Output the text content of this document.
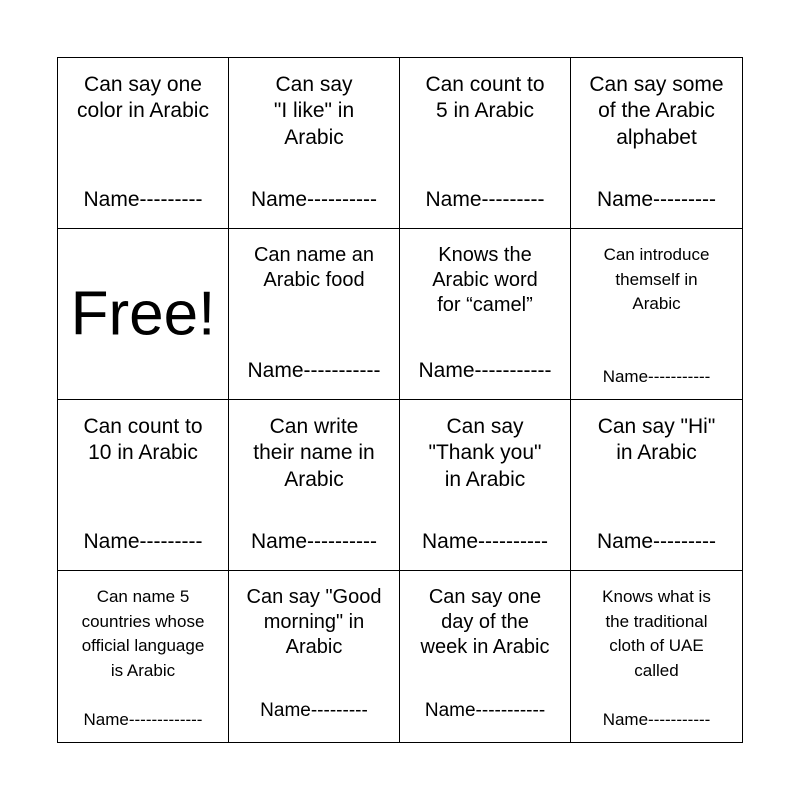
Can say one
color in Arabic
Name---------
Can say
"I like" in
Arabic
Name----------
Can count to
5 in Arabic
Name---------
Can say some
of the Arabic
alphabet
Name---------
Free!
Can name an
Arabic food
Name-----------
Knows the
Arabic word
for “camel”
Name-----------
Can introduce
themself in
Arabic
Name-----------
Can count to
10 in Arabic
Name---------
Can write
their name in
Arabic
Name----------
Can say
"Thank you"
in Arabic
Name----------
Can say "Hi"
in Arabic
Name---------
Can name 5
countries whose
official language
is Arabic
Name-------------
Can say "Good
morning" in
Arabic
Name---------
Can say one
day of the
week in Arabic
Name-----------
Knows what is
the traditional
cloth of UAE
called
Name-----------
